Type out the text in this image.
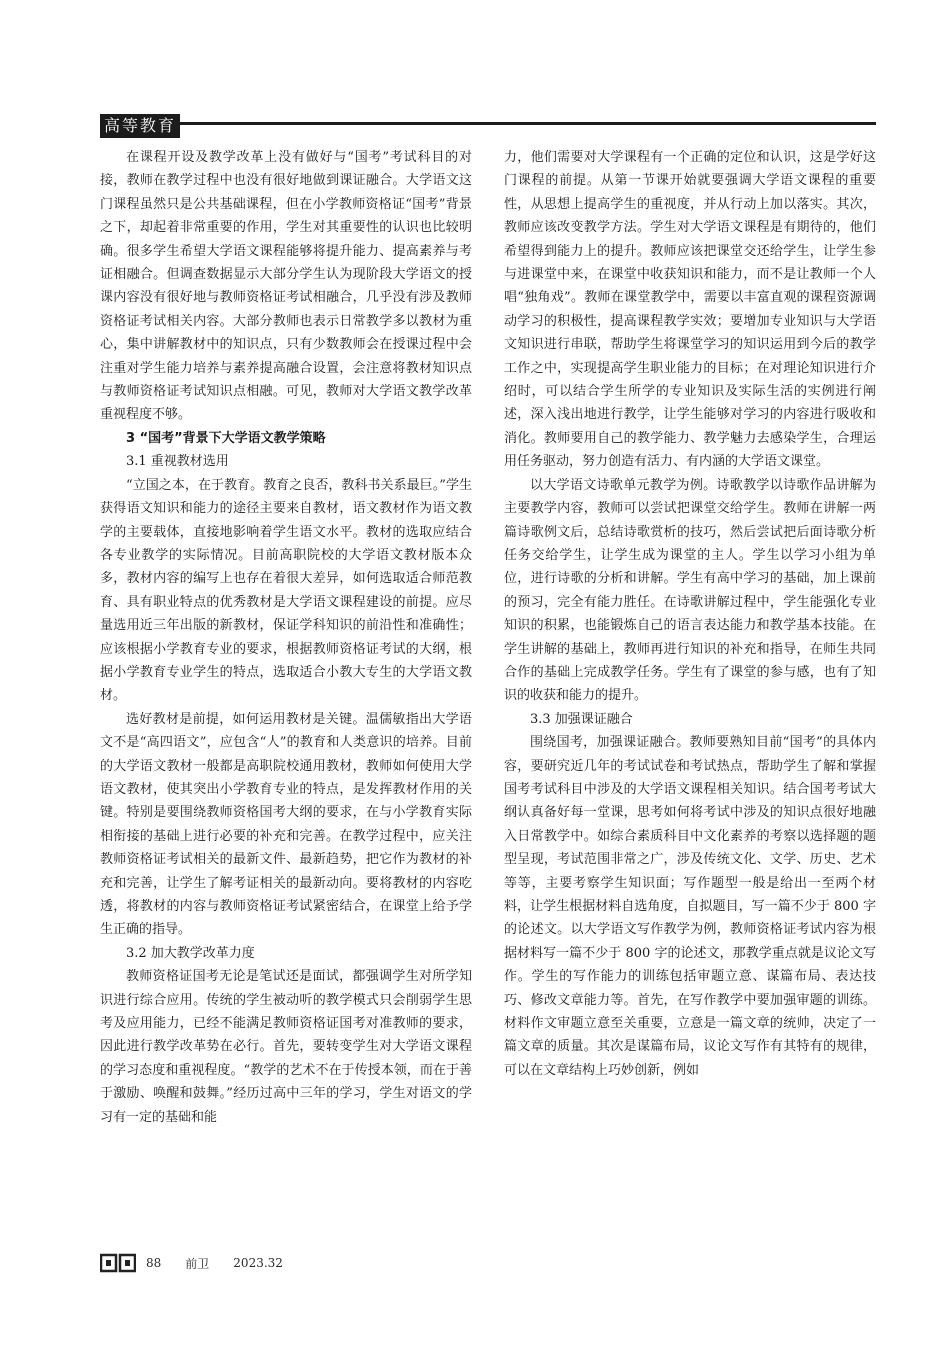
高等教育

在课程开设及教学改革上没有做好与“国考”考试科目的对接，教师在教学过程中也没有很好地做到课证融合。大学语文这门课程虽然只是公共基础课程，但在小学教师资格证“国考”背景之下，却起着非常重要的作用，学生对其重要性的认识也比较明确。很多学生希望大学语文课程能够将提升能力、提高素养与考证相融合。但调查数据显示大部分学生认为现阶段大学语文的授课内容没有很好地与教师资格证考试相融合，几乎没有涉及教师资格证考试相关内容。大部分教师也表示日常教学多以教材为重心，集中讲解教材中的知识点，只有少数教师会在授课过程中会注重对学生能力培养与素养提高融合设置，会注意将教材知识点与教师资格证考试知识点相融。可见，教师对大学语文教学改革重视程度不够。

3 “国考”背景下大学语文教学策略
3.1 重视教材选用

“立国之本，在于教育。教育之良否，教科书关系最巨。”学生获得语文知识和能力的途径主要来自教材，语文教材作为语文教学的主要载体，直接地影响着学生语文水平。教材的选取应结合各专业教学的实际情况。目前高职院校的大学语文教材版本众多，教材内容的编写上也存在着很大差异，如何选取适合师范教育、具有职业特点的优秀教材是大学语文课程建设的前提。应尽量选用近三年出版的新教材，保证学科知识的前沿性和准确性；应该根据小学教育专业的要求，根据教师资格证考试的大纲，根据小学教育专业学生的特点，选取适合小教大专生的大学语文教材。

选好教材是前提，如何运用教材是关键。温儒敏指出大学语文不是“高四语文”，应包含“人”的教育和人类意识的培养。目前的大学语文教材一般都是高职院校通用教材，教师如何使用大学语文教材，使其突出小学教育专业的特点，是发挥教材作用的关键。特别是要围绕教师资格国考大纲的要求，在与小学教育实际相衔接的基础上进行必要的补充和完善。在教学过程中，应关注教师资格证考试相关的最新文件、最新趋势，把它作为教材的补充和完善，让学生了解考证相关的最新动向。要将教材的内容吃透，将教材的内容与教师资格证考试紧密结合，在课堂上给予学生正确的指导。

3.2 加大教学改革力度

教师资格证国考无论是笔试还是面试，都强调学生对所学知识进行综合应用。传统的学生被动听的教学模式只会削弱学生思考及应用能力，已经不能满足教师资格证国考对准教师的要求，因此进行教学改革势在必行。首先，要转变学生对大学语文课程的学习态度和重视程度。“教学的艺术不在于传授本领，而在于善于激励、唤醒和鼓舞。”经历过高中三年的学习，学生对语文的学习有一定的基础和能

力，他们需要对大学课程有一个正确的定位和认识，这是学好这门课程的前提。从第一节课开始就要强调大学语文课程的重要性，从思想上提高学生的重视度，并从行动上加以落实。其次，教师应该改变教学方法。学生对大学语文课程是有期待的，他们希望得到能力上的提升。教师应该把课堂交还给学生，让学生参与进课堂中来，在课堂中收获知识和能力，而不是让教师一个人唱“独角戏”。教师在课堂教学中，需要以丰富直观的课程资源调动学习的积极性，提高课程教学实效；要增加专业知识与大学语文知识进行串联，帮助学生将课堂学习的知识运用到今后的教学工作之中，实现提高学生职业能力的目标；在对理论知识进行介绍时，可以结合学生所学的专业知识及实际生活的实例进行阐述，深入浅出地进行教学，让学生能够对学习的内容进行吸收和消化。教师要用自己的教学能力、教学魅力去感染学生，合理运用任务驱动，努力创造有活力、有内涵的大学语文课堂。

以大学语文诗歌单元教学为例。诗歌教学以诗歌作品讲解为主要教学内容，教师可以尝试把课堂交给学生。教师在讲解一两篇诗歌例文后，总结诗歌赏析的技巧，然后尝试把后面诗歌分析任务交给学生，让学生成为课堂的主人。学生以学习小组为单位，进行诗歌的分析和讲解。学生有高中学习的基础，加上课前的预习，完全有能力胜任。在诗歌讲解过程中，学生能强化专业知识的积累，也能锻炼自己的语言表达能力和教学基本技能。在学生讲解的基础上，教师再进行知识的补充和指导，在师生共同合作的基础上完成教学任务。学生有了课堂的参与感，也有了知识的收获和能力的提升。

3.3 加强课证融合

围绕国考，加强课证融合。教师要熟知目前“国考”的具体内容，要研究近几年的考试试卷和考试热点，帮助学生了解和掌握国考考试科目中涉及的大学语文课程相关知识。结合国考考试大纲认真备好每一堂课，思考如何将考试中涉及的知识点很好地融入日常教学中。如综合素质科目中文化素养的考察以选择题的题型呈现，考试范围非常之广，涉及传统文化、文学、历史、艺术等等，主要考察学生知识面；写作题型一般是给出一至两个材料，让学生根据材料自选角度，自拟题目，写一篇不少于 800 字的论述文。以大学语文写作教学为例，教师资格证考试内容为根据材料写一篇不少于 800 字的论述文，那教学重点就是议论文写作。学生的写作能力的训练包括审题立意、谋篇布局、表达技巧、修改文章能力等。首先，在写作教学中要加强审题的训练。材料作文审题立意至关重要，立意是一篇文章的统帅，决定了一篇文章的质量。其次是谋篇布局，议论文写作有其特有的规律，可以在文章结构上巧妙创新，例如

88 前卫 2023.32
